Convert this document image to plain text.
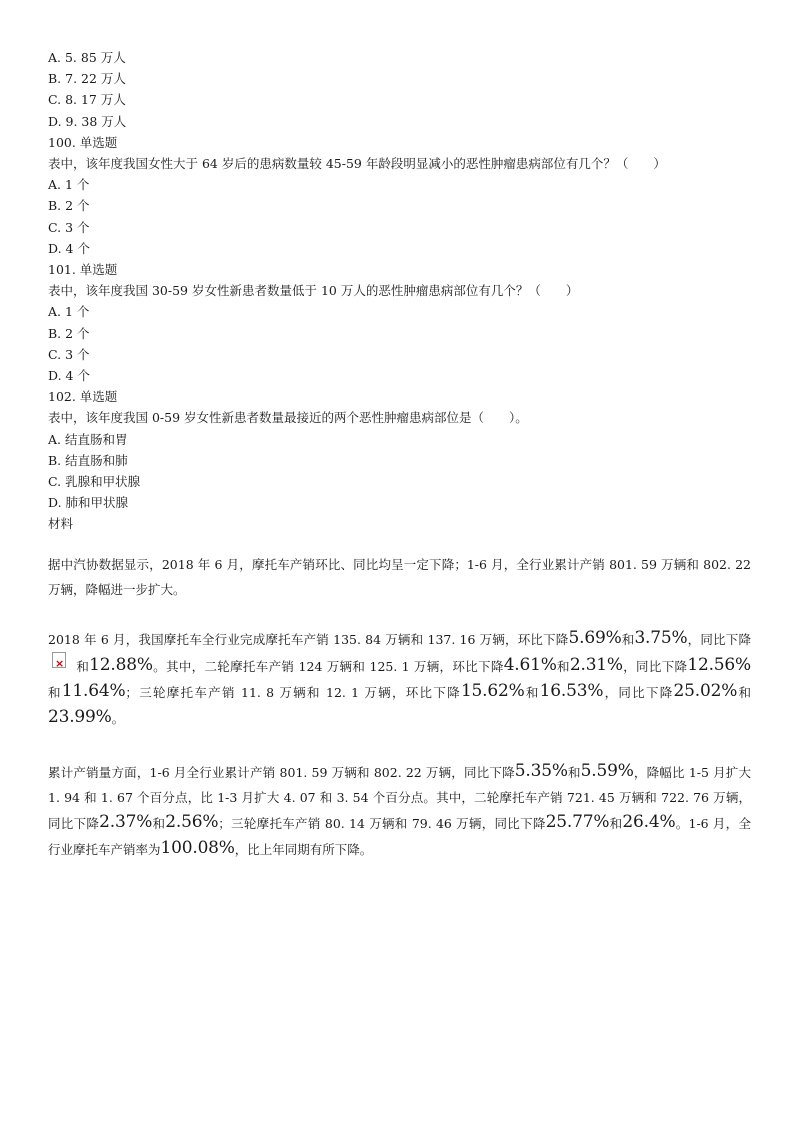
A. 5. 85 万人
B. 7. 22 万人
C. 8. 17 万人
D. 9. 38 万人
100. 单选题
表中，该年度我国女性大于 64 岁后的患病数量较 45-59 年龄段明显减小的恶性肿瘤患病部位有几个？（　　）
A. 1 个
B. 2 个
C. 3 个
D. 4 个
101. 单选题
表中，该年度我国 30-59 岁女性新患者数量低于 10 万人的恶性肿瘤患病部位有几个？（　　）
A. 1 个
B. 2 个
C. 3 个
D. 4 个
102. 单选题
表中，该年度我国 0-59 岁女性新患者数量最接近的两个恶性肿瘤患病部位是（　　）。
A. 结直肠和胃
B. 结直肠和肺
C. 乳腺和甲状腺
D. 肺和甲状腺
材料

据中汽协数据显示，2018 年 6 月，摩托车产销环比、同比均呈一定下降；1-6 月，全行业累计产销 801. 59 万辆和 802. 22 万辆，降幅进一步扩大。

2018 年 6 月，我国摩托车全行业完成摩托车产销 135. 84 万辆和 137. 16 万辆，环比下降5.69%和3.75%，同比下降×和12.88%。其中，二轮摩托车产销 124 万辆和 125. 1 万辆，环比下降4.61%和2.31%，同比下降12.56%和11.64%；三轮摩托车产销 11. 8 万辆和 12. 1 万辆，环比下降15.62%和16.53%，同比下降25.02%和23.99%。

累计产销量方面，1-6 月全行业累计产销 801. 59 万辆和 802. 22 万辆，同比下降5.35%和5.59%，降幅比 1-5 月扩大 1. 94 和 1. 67 个百分点，比 1-3 月扩大 4. 07 和 3. 54 个百分点。其中，二轮摩托车产销 721. 45 万辆和 722. 76 万辆，同比下降2.37%和2.56%；三轮摩托车产销 80. 14 万辆和 79. 46 万辆，同比下降25.77%和26.4%。1-6 月，全行业摩托车产销率为100.08%，比上年同期有所下降。
